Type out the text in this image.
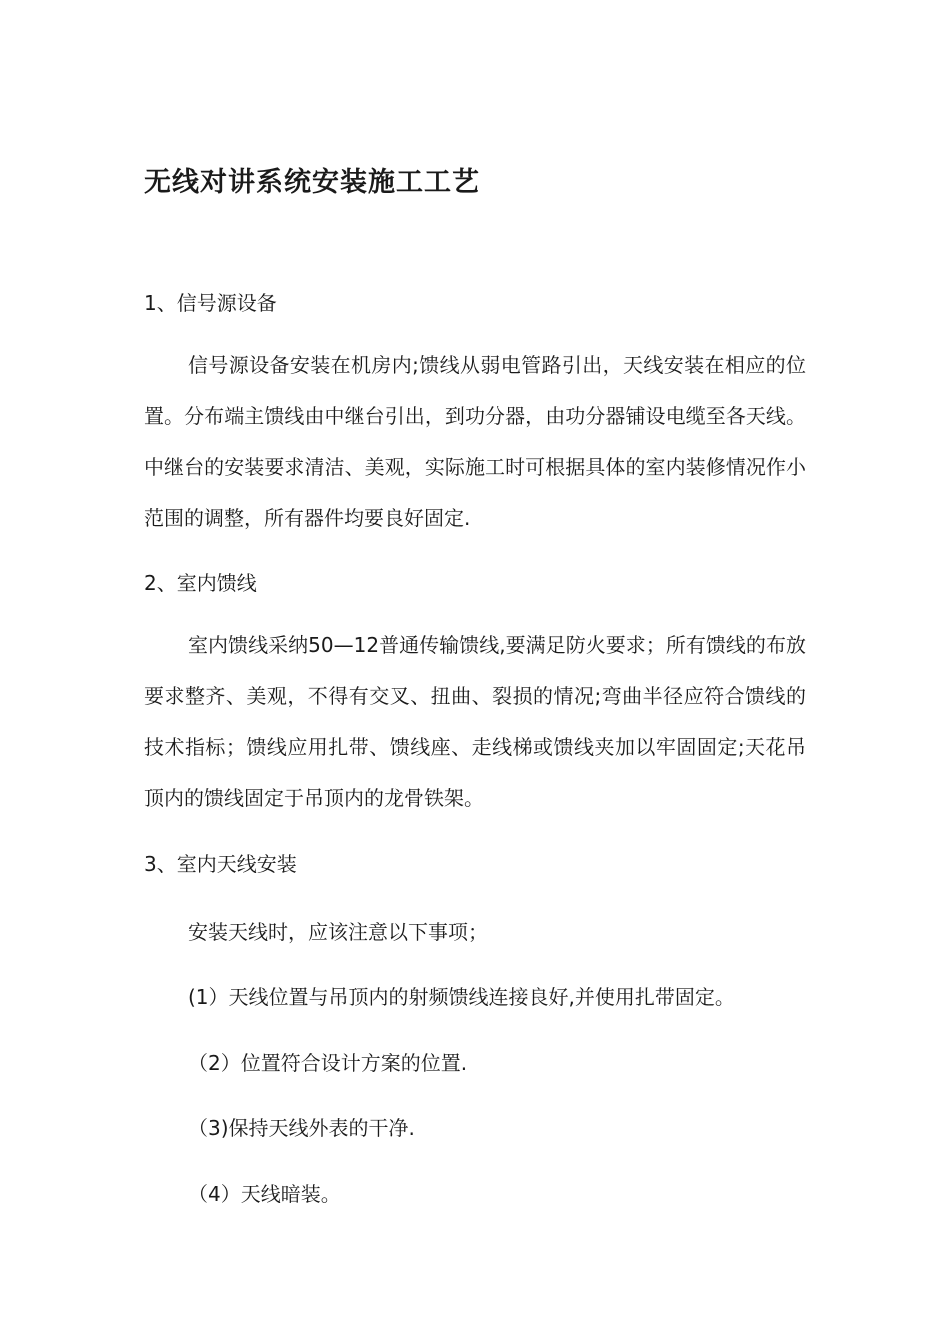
无线对讲系统安装施工工艺
1、信号源设备
信号源设备安装在机房内;馈线从弱电管路引出，天线安装在相应的位置。分布端主馈线由中继台引出，到功分器，由功分器铺设电缆至各天线。中继台的安装要求清洁、美观，实际施工时可根据具体的室内装修情况作小范围的调整，所有器件均要良好固定.
2、室内馈线
室内馈线采纳50—12普通传输馈线,要满足防火要求；所有馈线的布放要求整齐、美观，不得有交叉、扭曲、裂损的情况;弯曲半径应符合馈线的技术指标；馈线应用扎带、馈线座、走线梯或馈线夹加以牢固固定;天花吊顶内的馈线固定于吊顶内的龙骨铁架。
3、室内天线安装
安装天线时，应该注意以下事项；
(1）天线位置与吊顶内的射频馈线连接良好,并使用扎带固定。
（2）位置符合设计方案的位置.
（3)保持天线外表的干净.
（4）天线暗装。
